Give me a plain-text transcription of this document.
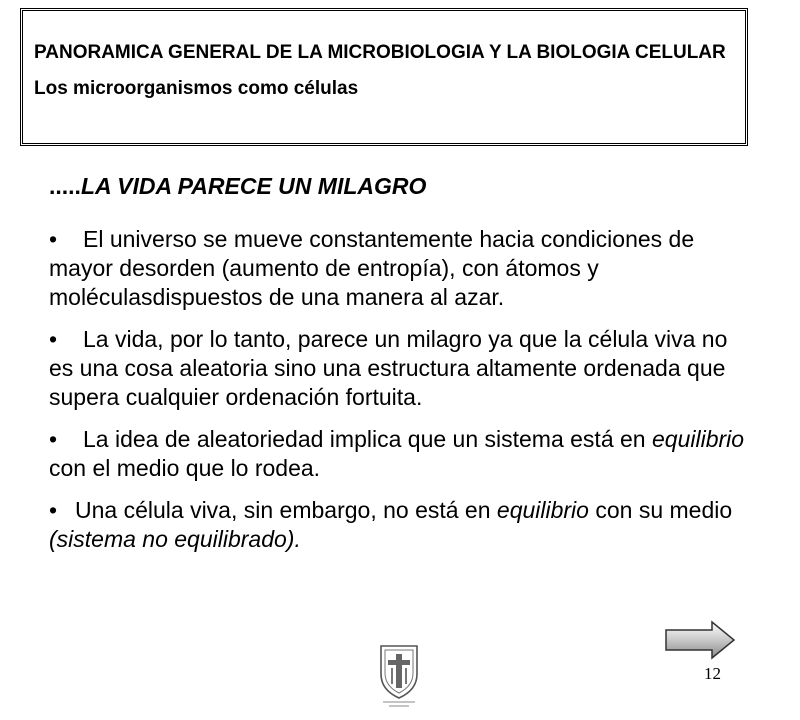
PANORAMICA GENERAL DE LA MICROBIOLOGIA Y LA BIOLOGIA CELULAR

Los microorganismos como células

.....LA VIDA PARECE UN MILAGRO

• El universo se mueve constantemente hacia condiciones de mayor desorden (aumento de entropía), con átomos y moléculasdispuestos de una manera al azar.

• La vida, por lo tanto, parece un milagro ya que la célula viva no es una cosa aleatoria sino una estructura altamente ordenada que supera cualquier ordenación fortuita.

• La idea de aleatoriedad implica que un sistema está en equilibrio con el medio que lo rodea.

• Una célula viva, sin embargo, no está en equilibrio con su medio (sistema no equilibrado).

12
